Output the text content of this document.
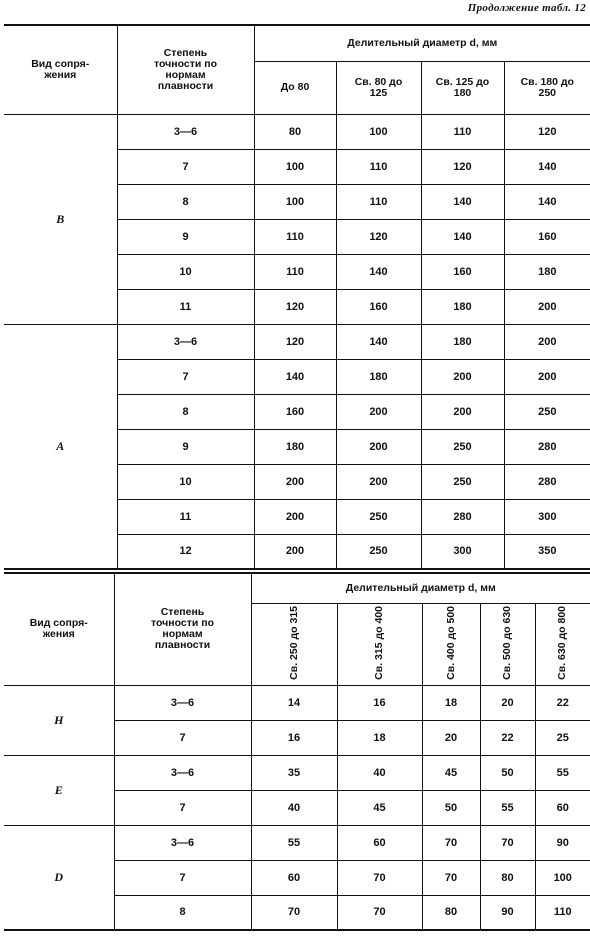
Продолжение табл. 12
Вид сопря- жения	Степень точности по нормам плавности	Делительный диаметр d, мм			
		До 80	Св. 80 до 125	Св. 125 до 180	Св. 180 до 250
B	3—6	80	100	110	120
	7	100	110	120	140
	8	100	110	140	140
	9	110	120	140	160
	10	110	140	160	180
	11	120	160	180	200
A	3—6	120	140	180	200
	7	140	180	200	200
	8	160	200	200	250
	9	180	200	250	280
	10	200	200	250	280
	11	200	250	280	300
	12	200	250	300	350
Вид сопря- жения	Степень точности по нормам плавности	Делительный диаметр d, мм				
		Св. 250 до 315	Св. 315 до 400	Св. 400 до 500	Св. 500 до 630	Св. 630 до 800
H	3—6	14	16	18	20	22
	7	16	18	20	22	25
E	3—6	35	40	45	50	55
	7	40	45	50	55	60
D	3—6	55	60	70	70	90
	7	60	70	70	80	100
	8	70	70	80	90	110
